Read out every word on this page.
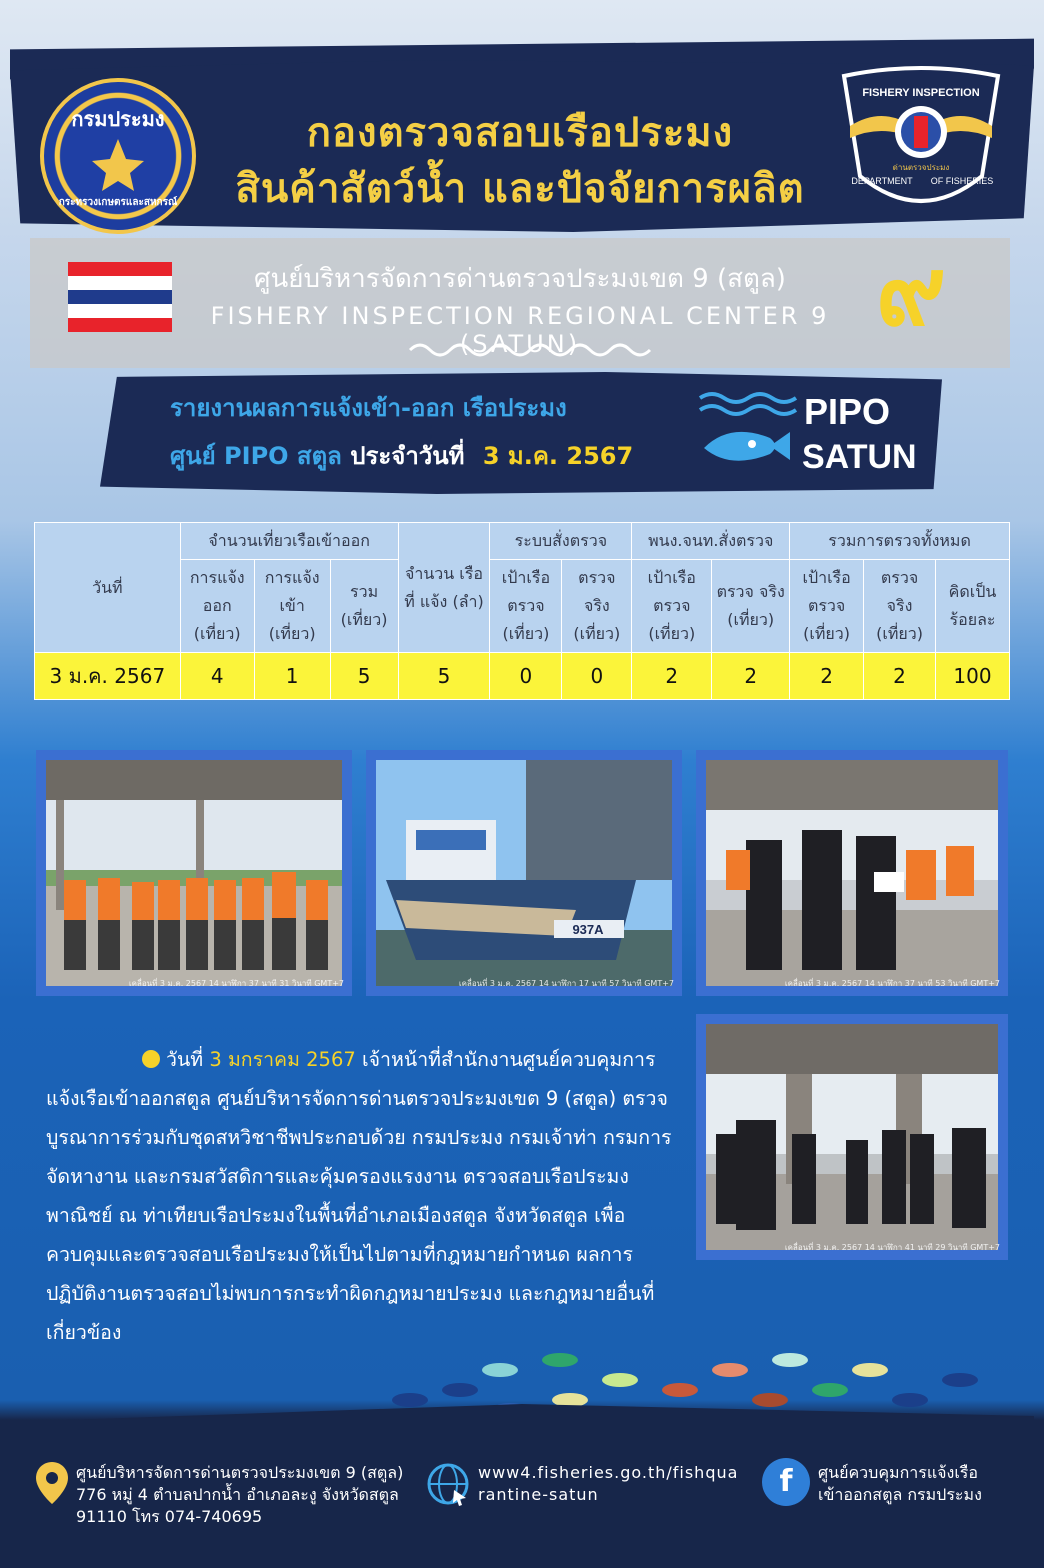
กรมประมง
กระทรวงเกษตรและสหกรณ์
กองตรวจสอบเรือประมง
สินค้าสัตว์น้ำ และปัจจัยการผลิต
FISHERY INSPECTION
DEPARTMENT OF FISHERIES
ด่านตรวจประมง
ศูนย์บริหารจัดการด่านตรวจประมงเขต 9 (สตูล)
FISHERY INSPECTION REGIONAL CENTER 9 (SATUN)	๙
รายงานผลการแจ้งเข้า-ออก เรือประมง
ศูนย์ PIPO สตูล ประจำวันที่ 3 ม.ค. 2567
PIPO
SATUN
วันที่	จำนวนเที่ยวเรือเข้าออก			จำนวน เรือที่ แจ้ง (ลำ)	ระบบสั่งตรวจ		พนง.จนท.สั่งตรวจ		รวมการตรวจทั้งหมด		
	การแจ้ง ออก (เที่ยว)	การแจ้ง เข้า (เที่ยว)	รวม (เที่ยว)		เป้าเรือ ตรวจ (เที่ยว)	ตรวจ จริง (เที่ยว)	เป้าเรือ ตรวจ (เที่ยว)	ตรวจ จริง (เที่ยว)	เป้าเรือ ตรวจ (เที่ยว)	ตรวจ จริง (เที่ยว)	คิดเป็น ร้อยละ
3 ม.ค. 2567	4	1	5	5	0	0	2	2	2	2	100
เคลื่อนที่ 3 ม.ค. 2567 14 นาฬิกา 37 นาที 31 วินาที GMT+7
937A
เคลื่อนที่ 3 ม.ค. 2567 14 นาฬิกา 17 นาที 57 วินาที GMT+7	เคลื่อนที่ 3 ม.ค. 2567 14 นาฬิกา 37 นาที 53 วินาที GMT+7
เคลื่อนที่ 3 ม.ค. 2567 14 นาฬิกา 41 นาที 29 วินาที GMT+7
วันที่ 3 มกราคม 2567 เจ้าหน้าที่สำนักงานศูนย์ควบคุมการแจ้งเรือเข้าออกสตูล ศูนย์บริหารจัดการด่านตรวจประมงเขต 9 (สตูล) ตรวจบูรณาการร่วมกับชุดสหวิชาชีพประกอบด้วย กรมประมง กรมเจ้าท่า กรมการจัดหางาน และกรมสวัสดิการและคุ้มครองแรงงาน ตรวจสอบเรือประมงพาณิชย์ ณ ท่าเทียบเรือประมงในพื้นที่อำเภอเมืองสตูล จังหวัดสตูล เพื่อควบคุมและตรวจสอบเรือประมงให้เป็นไปตามที่กฎหมายกำหนด ผลการปฏิบัติงานตรวจสอบไม่พบการกระทำผิดกฎหมายประมง และกฎหมายอื่นที่เกี่ยวข้อง
ศูนย์บริหารจัดการด่านตรวจประมงเขต 9 (สตูล)
776 หมู่ 4 ตำบลปากน้ำ อำเภอละงู จังหวัดสตูล
91110 โทร 074-740695
www4.fisheries.go.th/fishqua
rantine-satun	f	ศูนย์ควบคุมการแจ้งเรือ
เข้าออกสตูล กรมประมง
